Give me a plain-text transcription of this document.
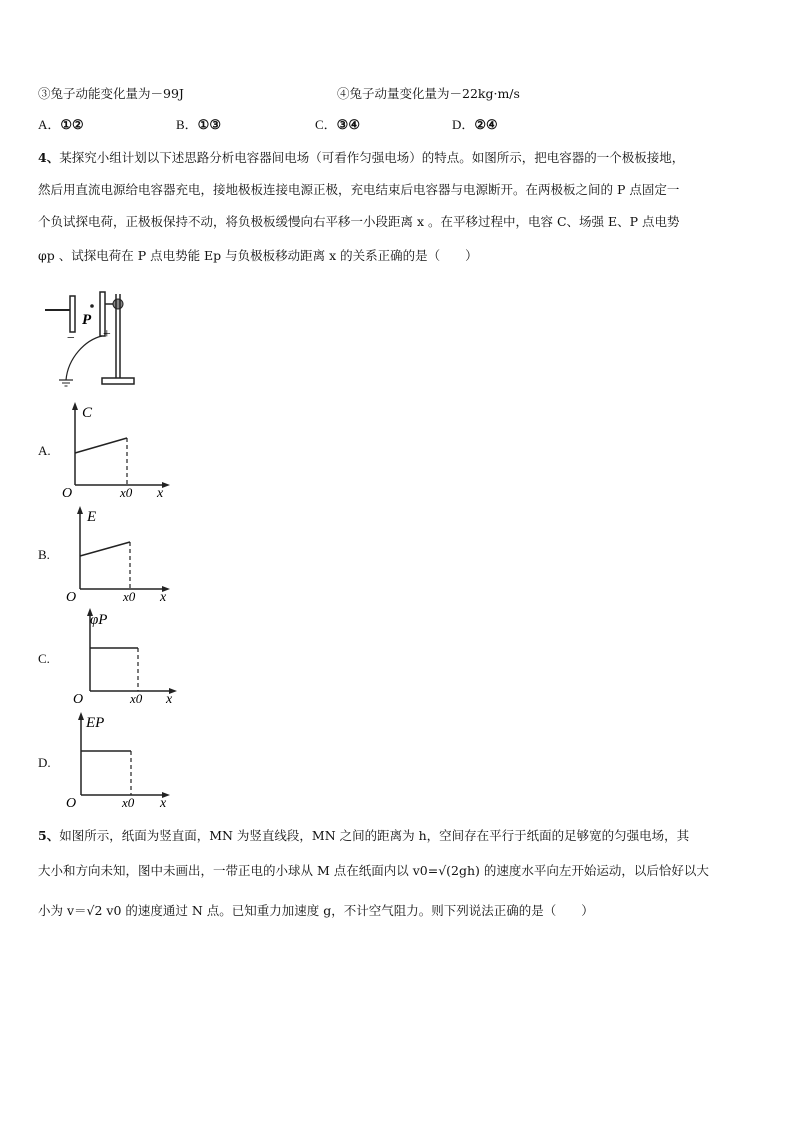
③兔子动能变化量为－99J	④兔子动量变化量为－22kg·m/s
A．①②	B．①③	C．③④	D．②④
4、某探究小组计划以下述思路分析电容器间电场（可看作匀强电场）的特点。如图所示，把电容器的一个极板接地，
然后用直流电源给电容器充电，接地极板连接电源正极，充电结束后电容器与电源断开。在两极板之间的 P 点固定一
个负试探电荷，正极板保持不动，将负极板缓慢向右平移一小段距离 x 。在平移过程中，电容 C、场强 E、P 点电势
φp 、试探电荷在 P 点电势能 Ep 与负极板移动距离 x 的关系正确的是（　　）
P
− +
A.
C
O	x0 x
B.
E
O	x0 x
C.
φP
O	x0 x
D.
EP
O	x0 x
5、如图所示，纸面为竖直面，MN 为竖直线段，MN 之间的距离为 h，空间存在平行于纸面的足够宽的匀强电场，其
大小和方向未知，图中未画出，一带正电的小球从 M 点在纸面内以 v0=√(2gh) 的速度水平向左开始运动，以后恰好以大
小为 v＝√2 v0 的速度通过 N 点。已知重力加速度 g，不计空气阻力。则下列说法正确的是（　　）
